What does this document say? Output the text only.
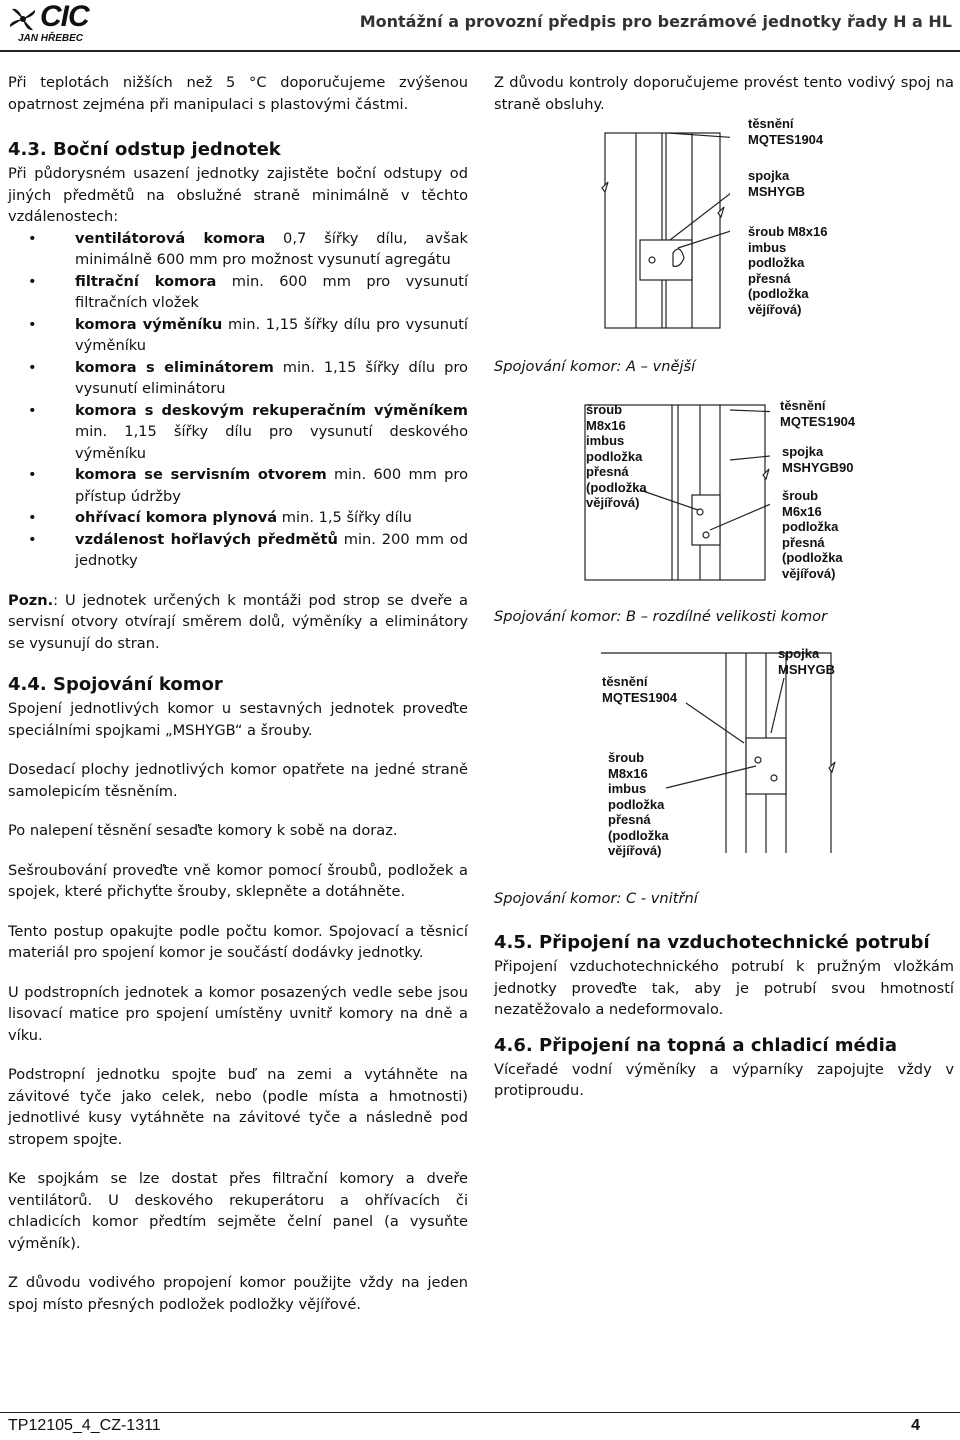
CIC
JAN HŘEBEC
Montážní a provozní předpis pro bezrámové jednotky řady H a HL

Při teplotách nižších než 5 °C doporučujeme zvýšenou opatrnost zejména při manipulaci s plastovými částmi.

4.3. Boční odstup jednotek

Při půdorysném usazení jednotky zajistěte boční odstupy od jiných předmětů na obslužné straně minimálně v těchto vzdálenostech:

• ventilátorová komora 0,7 šířky dílu, avšak minimálně 600 mm pro možnost vysunutí agregátu
• filtrační komora min. 600 mm pro vysunutí filtračních vložek
• komora výměníku min. 1,15 šířky dílu pro vysunutí výměníku
• komora s eliminátorem min. 1,15 šířky dílu pro vysunutí eliminátoru
• komora s deskovým rekuperačním výměníkem min. 1,15 šířky dílu pro vysunutí deskového výměníku
• komora se servisním otvorem min. 600 mm pro přístup údržby
• ohřívací komora plynová min. 1,5 šířky dílu
• vzdálenost hořlavých předmětů min. 200 mm od jednotky

Pozn.: U jednotek určených k montáži pod strop se dveře a servisní otvory otvírají směrem dolů, výměníky a eliminátory se vysunují do stran.

4.4. Spojování komor

Spojení jednotlivých komor u sestavných jednotek proveďte speciálními spojkami „MSHYGB“ a šrouby.

Dosedací plochy jednotlivých komor opatřete na jedné straně samolepicím těsněním.

Po nalepení těsnění sesaďte komory k sobě na doraz.

Sešroubování proveďte vně komor pomocí šroubů, podložek a spojek, které přichyťte šrouby, sklepněte a dotáhněte.

Tento postup opakujte podle počtu komor. Spojovací a těsnicí materiál pro spojení komor je součástí dodávky jednotky.

U podstropních jednotek a komor posazených vedle sebe jsou lisovací matice pro spojení umístěny uvnitř komory na dně a víku.

Podstropní jednotku spojte buď na zemi a vytáhněte na závitové tyče jako celek, nebo (podle místa a hmotnosti) jednotlivé kusy vytáhněte na závitové tyče a následně pod stropem spojte.

Ke spojkám se lze dostat přes filtrační komory a dveře ventilátorů. U deskového rekuperátoru a ohřívacích či chladicích komor předtím sejměte čelní panel (a vysuňte výměník).

Z důvodu vodivého propojení komor použijte vždy na jeden spoj místo přesných podložek podložky vějířové.

Z důvodu kontroly doporučujeme provést tento vodivý spoj na straně obsluhy.
těsnění
MQTES1904
spojka
MSHYGB
šroub M8x16
imbus
podložka
přesná
(podložka
vějířová)
Spojování komor: A – vnější
šroub
M8x16
imbus
podložka
přesná
(podložka
vějířová)
těsnění
MQTES1904
spojka
MSHYGB90
šroub
M6x16
podložka
přesná
(podložka
vějířová)
Spojování komor: B – rozdílné velikosti komor
spojka
MSHYGB
těsnění
MQTES1904
šroub
M8x16
imbus
podložka
přesná
(podložka
vějířová)
Spojování komor: C - vnitřní
4.5. Připojení na vzduchotechnické potrubí

Připojení vzduchotechnického potrubí k pružným vložkám jednotky proveďte tak, aby je potrubí svou hmotností nezatěžovalo a nedeformovalo.

4.6. Připojení na topná a chladicí média

Víceřadé vodní výměníky a výparníky zapojujte vždy v protiproudu.

TP12105_4_CZ-1311	4
